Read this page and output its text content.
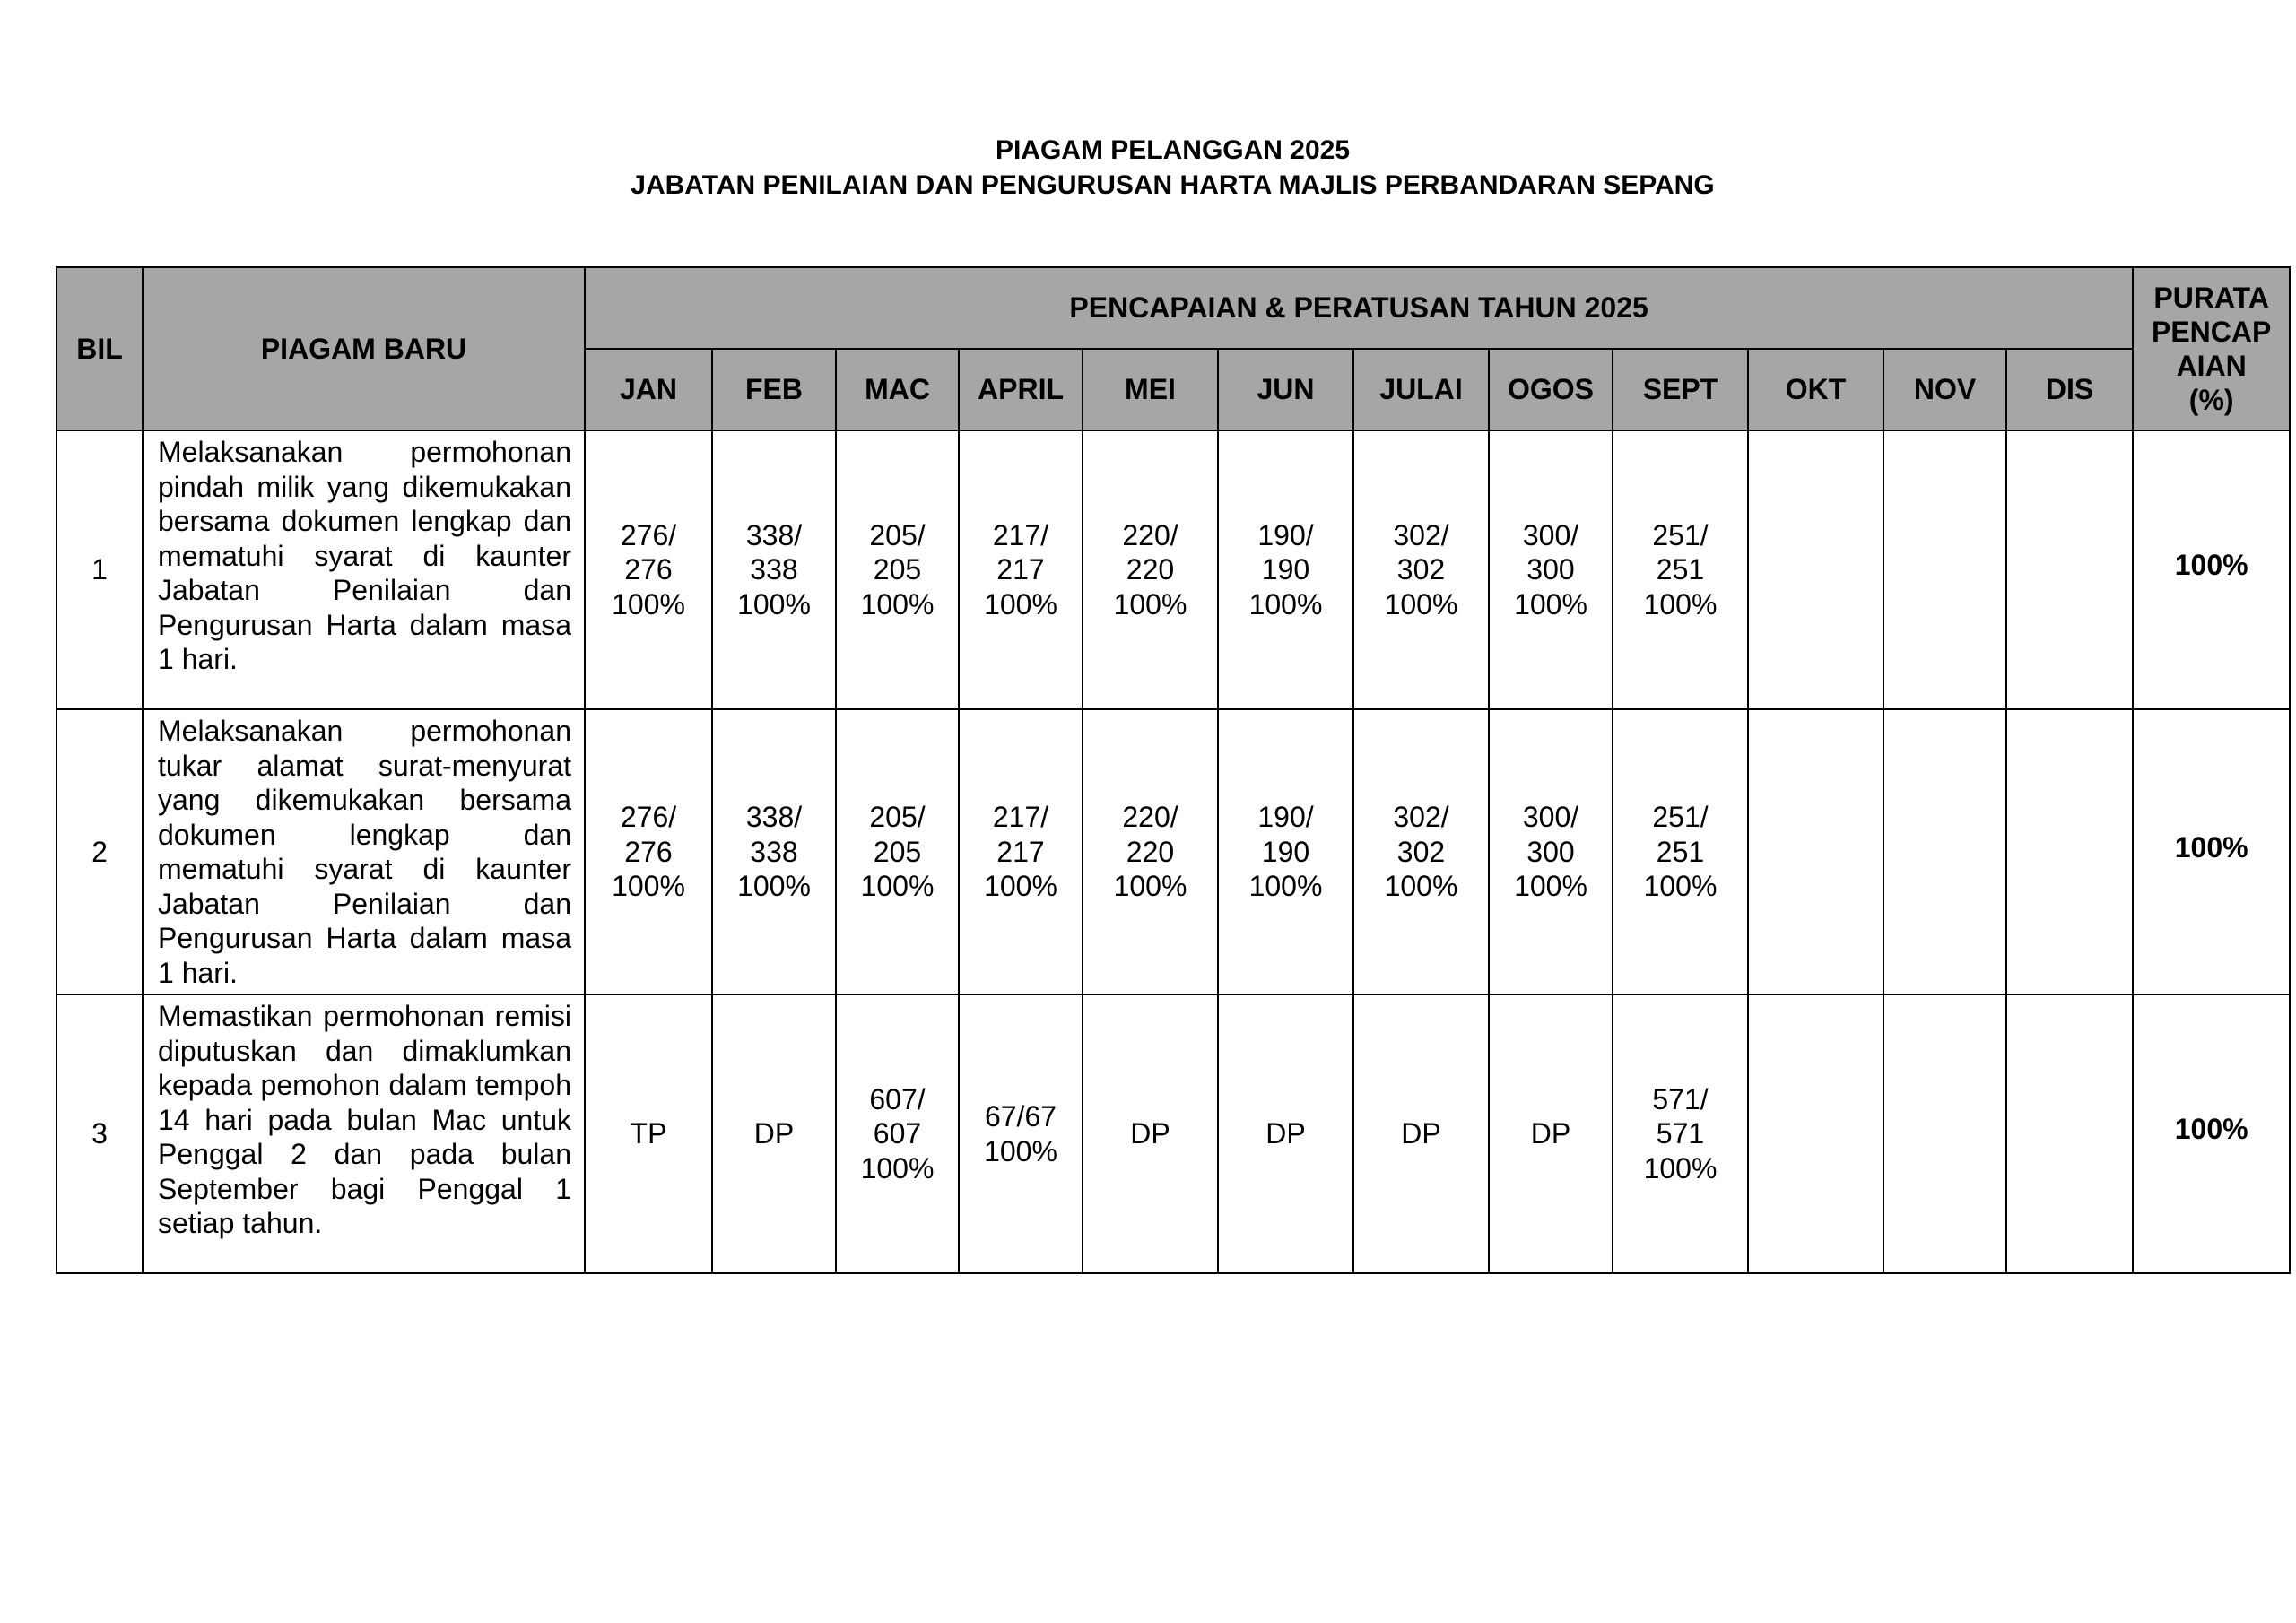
PIAGAM PELANGGAN 2025
JABATAN PENILAIAN DAN PENGURUSAN HARTA MAJLIS PERBANDARAN SEPANG
BIL	PIAGAM BARU	PENCAPAIAN & PERATUSAN TAHUN 2025												PURATA
PENCAP
AIAN
(%)

		JAN	FEB	MAC	APRIL	MEI	JUN	JULAI	OGOS	SEPT	OKT	NOV	DIS	
1	Melaksanakan permohonan pindah milik yang dikemukakan bersama dokumen lengkap dan mematuhi syarat di kaunter Jabatan Penilaian dan Pengurusan Harta dalam masa 1 hari.	276/
276
100%	338/
338
100%	205/
205
100%	217/
217
100%	220/
220
100%	190/
190
100%	302/
302
100%	300/
300
100%	251/
251
100%				100%
2	Melaksanakan permohonan tukar alamat surat-menyurat yang dikemukakan bersama dokumen lengkap dan mematuhi syarat di kaunter Jabatan Penilaian dan Pengurusan Harta dalam masa 1 hari.	276/
276
100%	338/
338
100%	205/
205
100%	217/
217
100%	220/
220
100%	190/
190
100%	302/
302
100%	300/
300
100%	251/
251
100%				100%
3	Memastikan permohonan remisi diputuskan dan dimaklumkan kepada pemohon dalam tempoh 14 hari pada bulan Mac untuk Penggal 2 dan pada bulan September bagi Penggal 1 setiap tahun.	TP	DP	607/
607
100%	67/67
100%	DP	DP	DP	DP	571/
571
100%				100%
